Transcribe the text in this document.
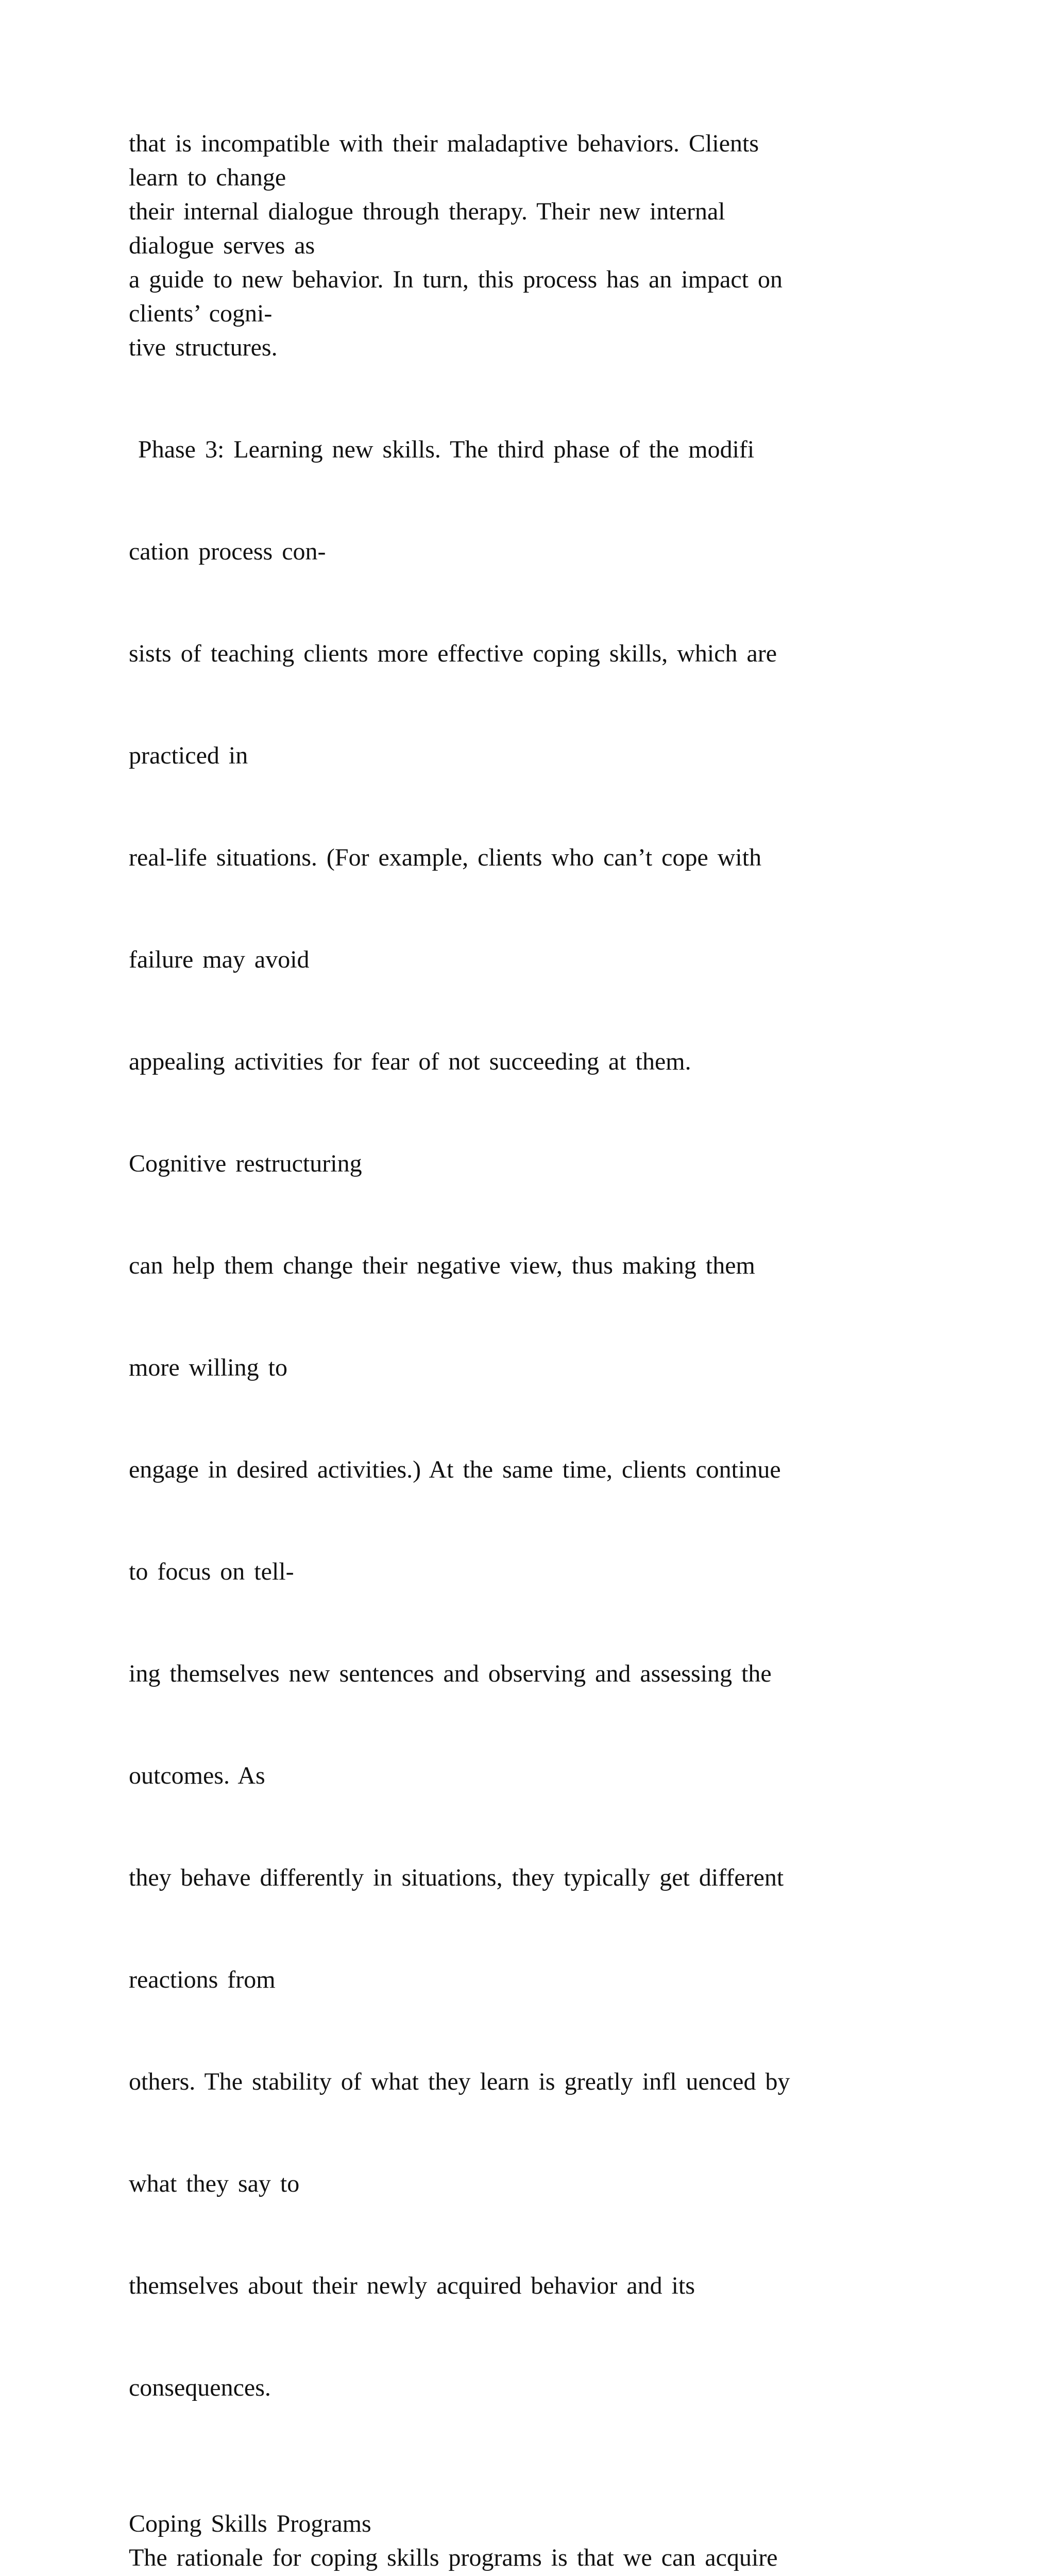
that is incompatible with their maladaptive behaviors. Clients
learn to change
their internal dialogue through therapy. Their new internal
dialogue serves as
a guide to new behavior. In turn, this process has an impact on
clients’ cogni-
tive structures.

Phase 3: Learning new skills. The third phase of the modifi

cation process con-

sists of teaching clients more effective coping skills, which are

practiced in

real-life situations. (For example, clients who can’t cope with

failure may avoid

appealing activities for fear of not succeeding at them.

Cognitive restructuring

can help them change their negative view, thus making them

more willing to

engage in desired activities.) At the same time, clients continue

to focus on tell-

ing themselves new sentences and observing and assessing the

outcomes. As

they behave differently in situations, they typically get different

reactions from

others. The stability of what they learn is greatly infl uenced by

what they say to

themselves about their newly acquired behavior and its

consequences.

Coping Skills Programs
The rationale for coping skills programs is that we can acquire
